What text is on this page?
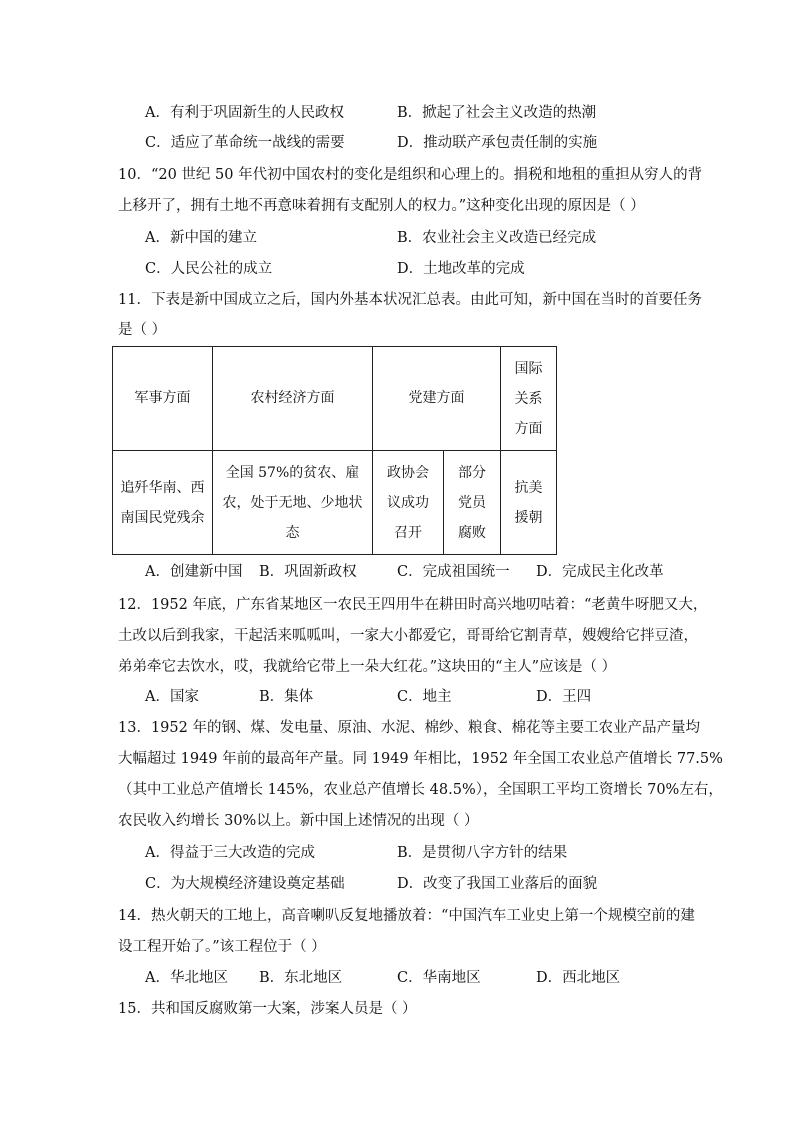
A．有利于巩固新生的人民政权	B．掀起了社会主义改造的热潮
C．适应了革命统一战线的需要	D．推动联产承包责任制的实施
10．“20 世纪 50 年代初中国农村的变化是组织和心理上的。捐税和地租的重担从穷人的背
上移开了，拥有土地不再意味着拥有支配别人的权力。”这种变化出现的原因是（ ）
A．新中国的建立	B．农业社会主义改造已经完成
C．人民公社的成立	D．土地改革的完成
11．下表是新中国成立之后，国内外基本状况汇总表。由此可知，新中国在当时的首要任务
是（ ）
军事方面	农村经济方面	党建方面		国际关系方面

追歼华南、西南国民党残余	全国 57%的贫农、雇农，处于无地、少地状态	政协会议成功召开	部分党员腐败	抗美援朝
A．创建新中国 B．巩固新政权	C．完成祖国统一 D．完成民主化改革
12．1952 年底，广东省某地区一农民王四用牛在耕田时高兴地叨咕着：“老黄牛呀肥又大，
土改以后到我家，干起活来呱呱叫，一家大小都爱它，哥哥给它割青草，嫂嫂给它拌豆渣，
弟弟牵它去饮水，哎，我就给它带上一朵大红花。”这块田的“主人”应该是（ ）
A．国家	B．集体	C．地主	D．王四
13．1952 年的钢、煤、发电量、原油、水泥、棉纱、粮食、棉花等主要工农业产品产量均
大幅超过 1949 年前的最高年产量。同 1949 年相比，1952 年全国工农业总产值增长 77.5%
（其中工业总产值增长 145%，农业总产值增长 48.5%），全国职工平均工资增长 70%左右，
农民收入约增长 30%以上。新中国上述情况的出现（ ）
A．得益于三大改造的完成	B．是贯彻八字方针的结果
C．为大规模经济建设奠定基础	D．改变了我国工业落后的面貌
14．热火朝天的工地上，高音喇叭反复地播放着：“中国汽车工业史上第一个规模空前的建
设工程开始了。”该工程位于（ ）
A．华北地区 B．东北地区	C．华南地区	D．西北地区
15．共和国反腐败第一大案，涉案人员是（ ）
